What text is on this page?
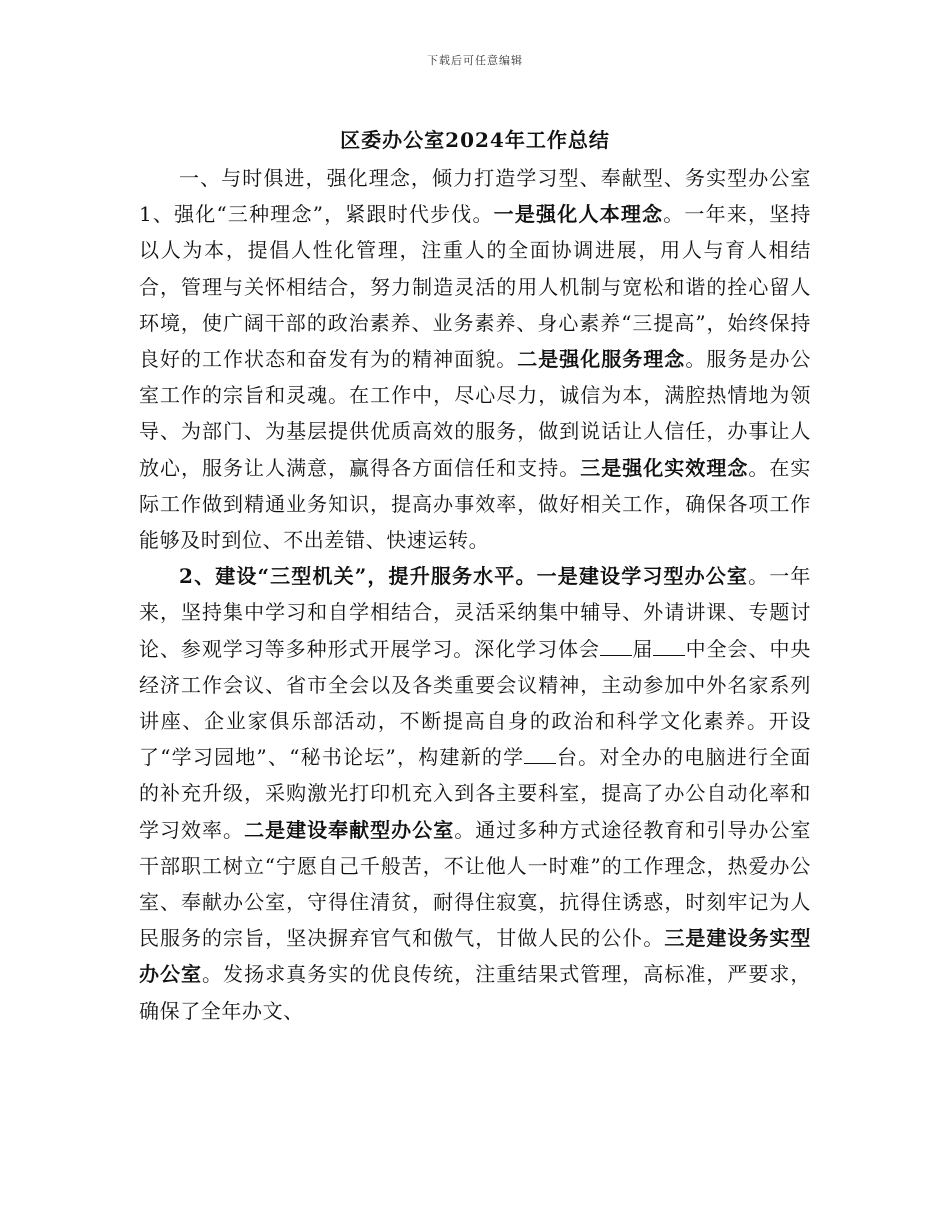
下载后可任意编辑
区委办公室2024年工作总结

一、与时俱进，强化理念，倾力打造学习型、奉献型、务实型办公室1、强化“三种理念”，紧跟时代步伐。一是强化人本理念。一年来，坚持以人为本，提倡人性化管理，注重人的全面协调进展，用人与育人相结合，管理与关怀相结合，努力制造灵活的用人机制与宽松和谐的拴心留人环境，使广阔干部的政治素养、业务素养、身心素养“三提高”，始终保持良好的工作状态和奋发有为的精神面貌。二是强化服务理念。服务是办公室工作的宗旨和灵魂。在工作中，尽心尽力，诚信为本，满腔热情地为领导、为部门、为基层提供优质高效的服务，做到说话让人信任，办事让人放心，服务让人满意，赢得各方面信任和支持。三是强化实效理念。在实际工作做到精通业务知识，提高办事效率，做好相关工作，确保各项工作能够及时到位、不出差错、快速运转。

2、建设“三型机关”，提升服务水平。一是建设学习型办公室。一年来，坚持集中学习和自学相结合，灵活采纳集中辅导、外请讲课、专题讨论、参观学习等多种形式开展学习。深化学习体会 届 中全会、中央经济工作会议、省市全会以及各类重要会议精神，主动参加中外名家系列讲座、企业家俱乐部活动，不断提高自身的政治和科学文化素养。开设了“学习园地”、“秘书论坛”，构建新的学 台。对全办的电脑进行全面的补充升级，采购激光打印机充入到各主要科室，提高了办公自动化率和学习效率。二是建设奉献型办公室。通过多种方式途径教育和引导办公室干部职工树立“宁愿自己千般苦，不让他人一时难”的工作理念，热爱办公室、奉献办公室，守得住清贫，耐得住寂寞，抗得住诱惑，时刻牢记为人民服务的宗旨，坚决摒弃官气和傲气，甘做人民的公仆。三是建设务实型办公室。发扬求真务实的优良传统，注重结果式管理，高标准，严要求，确保了全年办文、
